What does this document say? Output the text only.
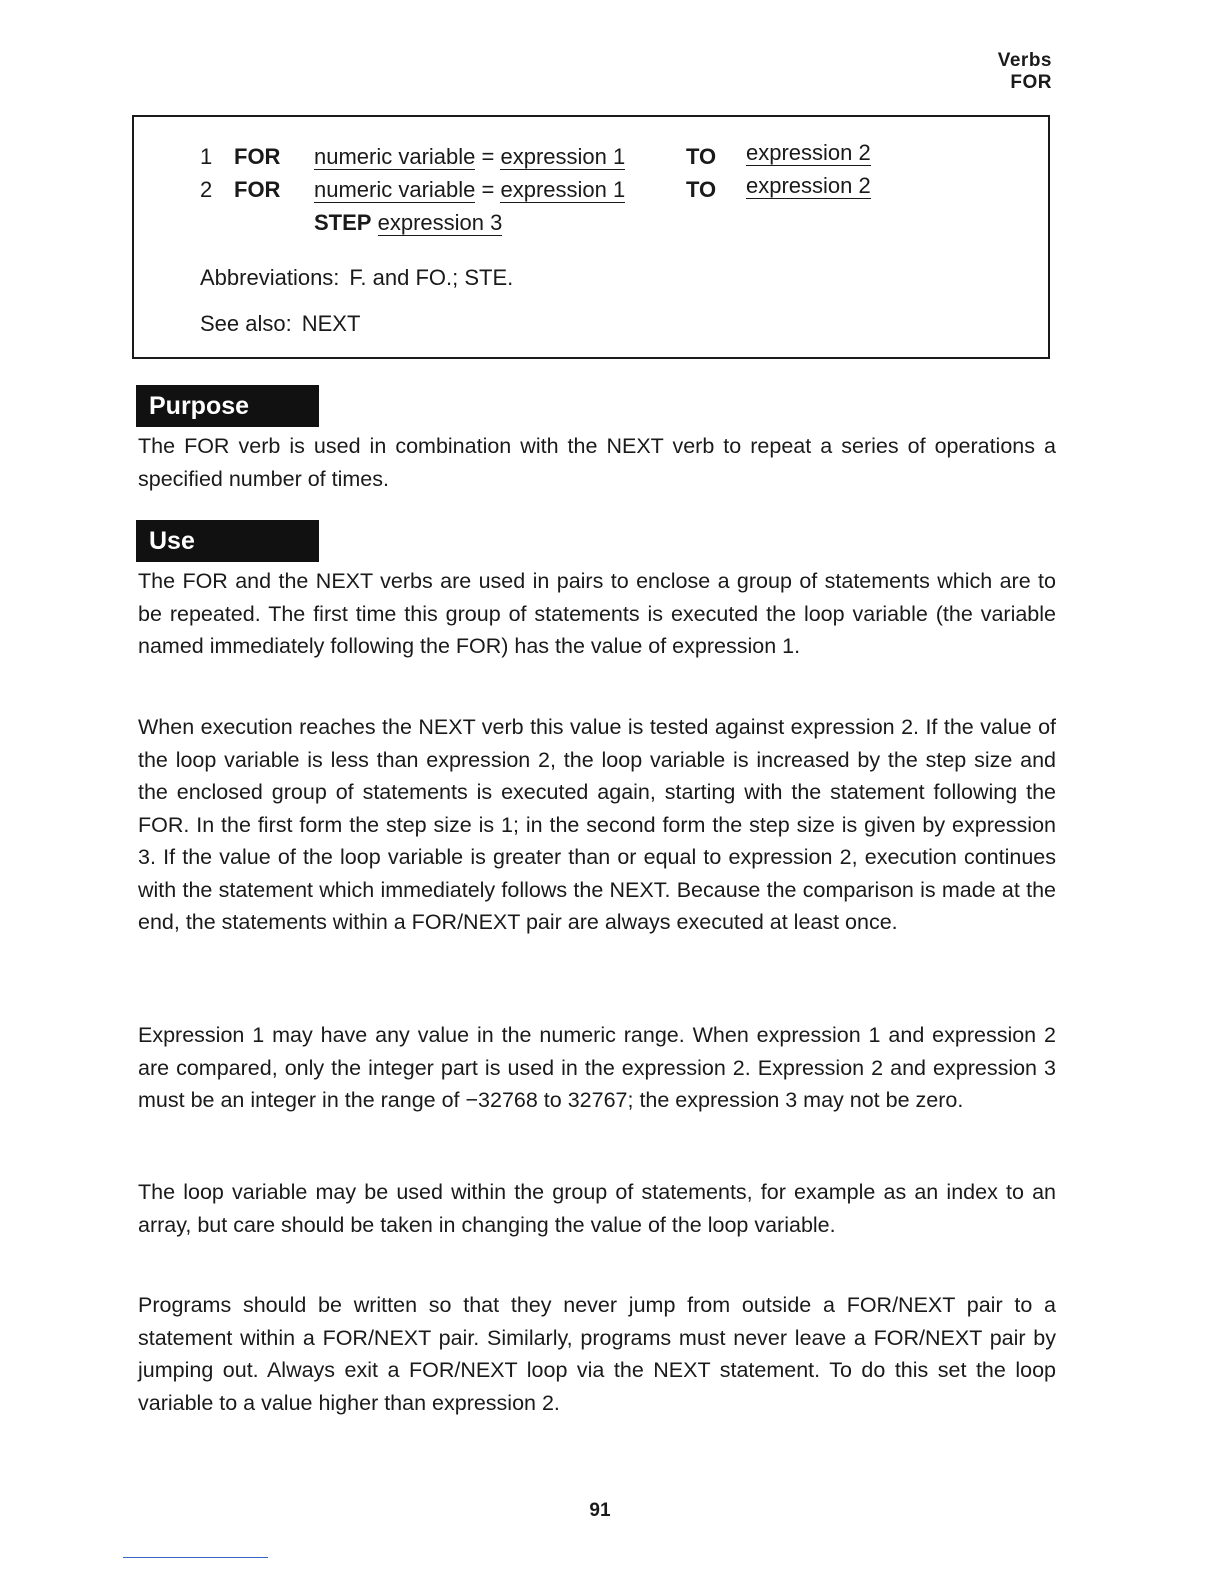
Verbs
FOR
1 FOR numeric variable = expression 1	TO expression 2
2 FOR numeric variable = expression 1	TO expression 2
STEP expression 3
Abbreviations: F. and FO.; STE.
See also: NEXT
Purpose

The FOR verb is used in combination with the NEXT verb to repeat a series of operations a specified number of times.

Use

The FOR and the NEXT verbs are used in pairs to enclose a group of statements which are to be repeated. The first time this group of statements is executed the loop variable (the variable named immediately following the FOR) has the value of expression 1.

When execution reaches the NEXT verb this value is tested against expression 2. If the value of the loop variable is less than expression 2, the loop variable is increased by the step size and the enclosed group of statements is executed again, starting with the statement following the FOR. In the first form the step size is 1; in the second form the step size is given by expression 3. If the value of the loop variable is greater than or equal to expression 2, execution continues with the statement which immediately follows the NEXT. Because the comparison is made at the end, the statements within a FOR/NEXT pair are always executed at least once.

Expression 1 may have any value in the numeric range. When expression 1 and expression 2 are compared, only the integer part is used in the expression 2. Expression 2 and expression 3 must be an integer in the range of −32768 to 32767; the expression 3 may not be zero.

The loop variable may be used within the group of statements, for example as an index to an array, but care should be taken in changing the value of the loop variable.

Programs should be written so that they never jump from outside a FOR/NEXT pair to a statement within a FOR/NEXT pair. Similarly, programs must never leave a FOR/NEXT pair by jumping out. Always exit a FOR/NEXT loop via the NEXT statement. To do this set the loop variable to a value higher than expression 2.

91
